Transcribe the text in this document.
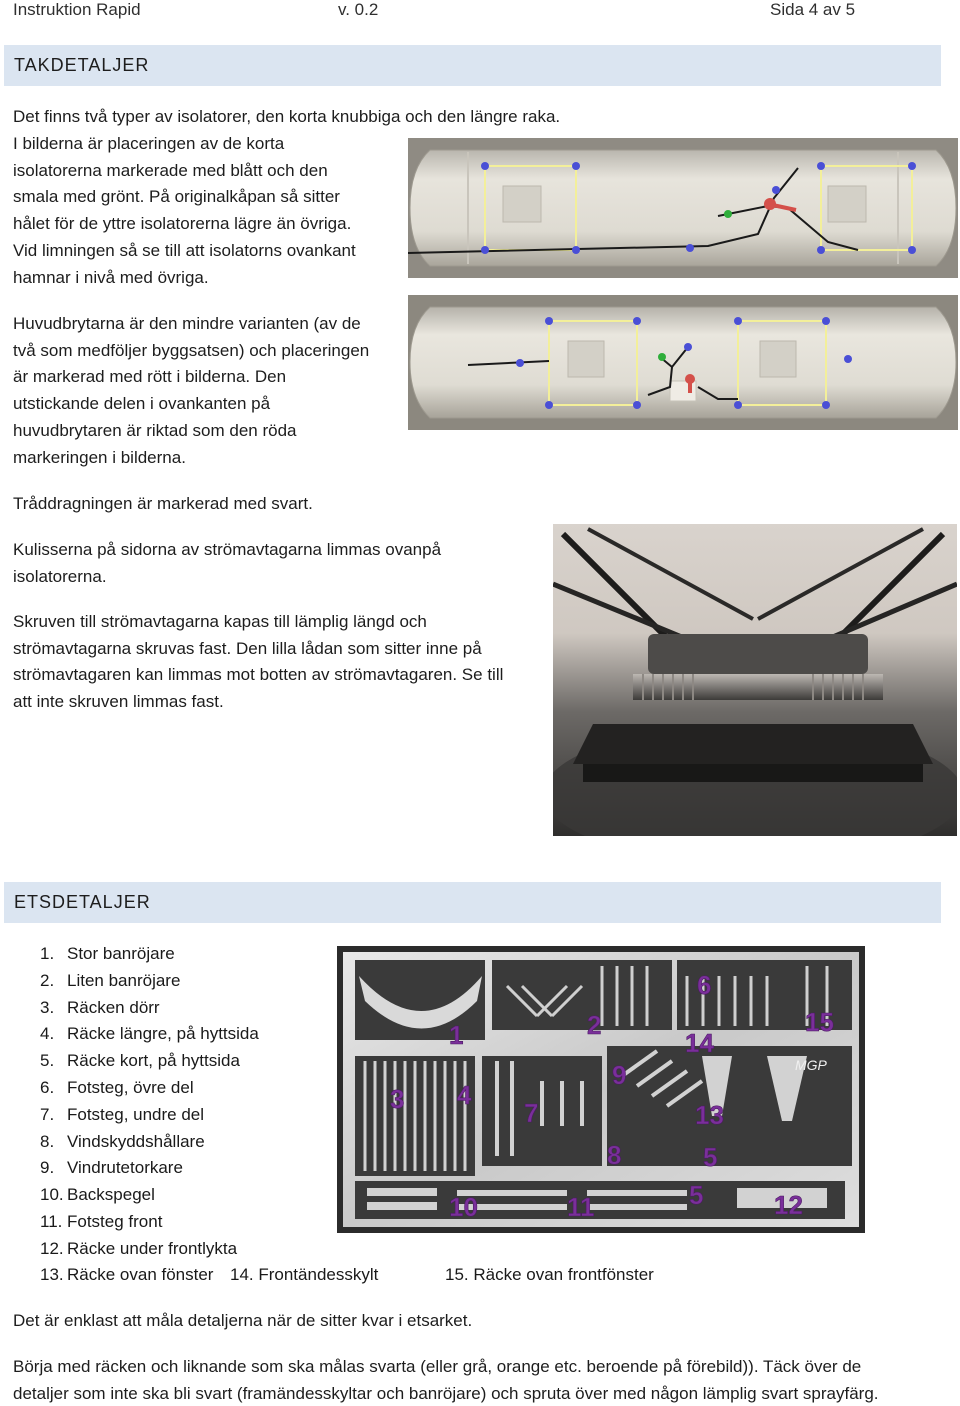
Instruktion Rapid	v. 0.2	Sida 4 av 5
TAKDETALJER
Det finns två typer av isolatorer, den korta knubbiga och den längre raka.
I bilderna är placeringen av de korta
isolatorerna markerade med blått och den
smala med grönt. På originalkåpan så sitter
hålet för de yttre isolatorerna lägre än övriga.
Vid limningen så se till att isolatorns ovankant
hamnar i nivå med övriga.
Huvudbrytarna är den mindre varianten (av de
två som medföljer byggsatsen) och placeringen
är markerad med rött i bilderna. Den
utstickande delen i ovankanten på
huvudbrytaren är riktad som den röda
markeringen i bilderna.
Tråddragningen är markerad med svart.
Kulisserna på sidorna av strömavtagarna limmas ovanpå
isolatorerna.
Skruven till strömavtagarna kapas till lämplig längd och
strömavtagarna skruvas fast. Den lilla lådan som sitter inne på
strömavtagaren kan limmas mot botten av strömavtagaren. Se till
att inte skruven limmas fast.
ETSDETALJER
1. Stor banröjare
2. Liten banröjare
3. Räcken dörr
4. Räcke längre, på hyttsida
5. Räcke kort, på hyttsida
6. Fotsteg, övre del
7. Fotsteg, undre del
8. Vindskyddshållare
9. Vindrutetorkare
10. Backspegel
11. Fotsteg front
12. Räcke under frontlykta
13. Räcke ovan fönster 14. Frontändesskylt	15. Räcke ovan frontfönster
1	2
3 4
5
6
7
8
9
10	11	12
13
14
15
5
MGP
Det är enklast att måla detaljerna när de sitter kvar i etsarket.
Börja med räcken och liknande som ska målas svarta (eller grå, orange etc. beroende på förebild)). Täck över de
detaljer som inte ska bli svart (framändesskyltar och banröjare) och spruta över med någon lämplig svart sprayfärg.
